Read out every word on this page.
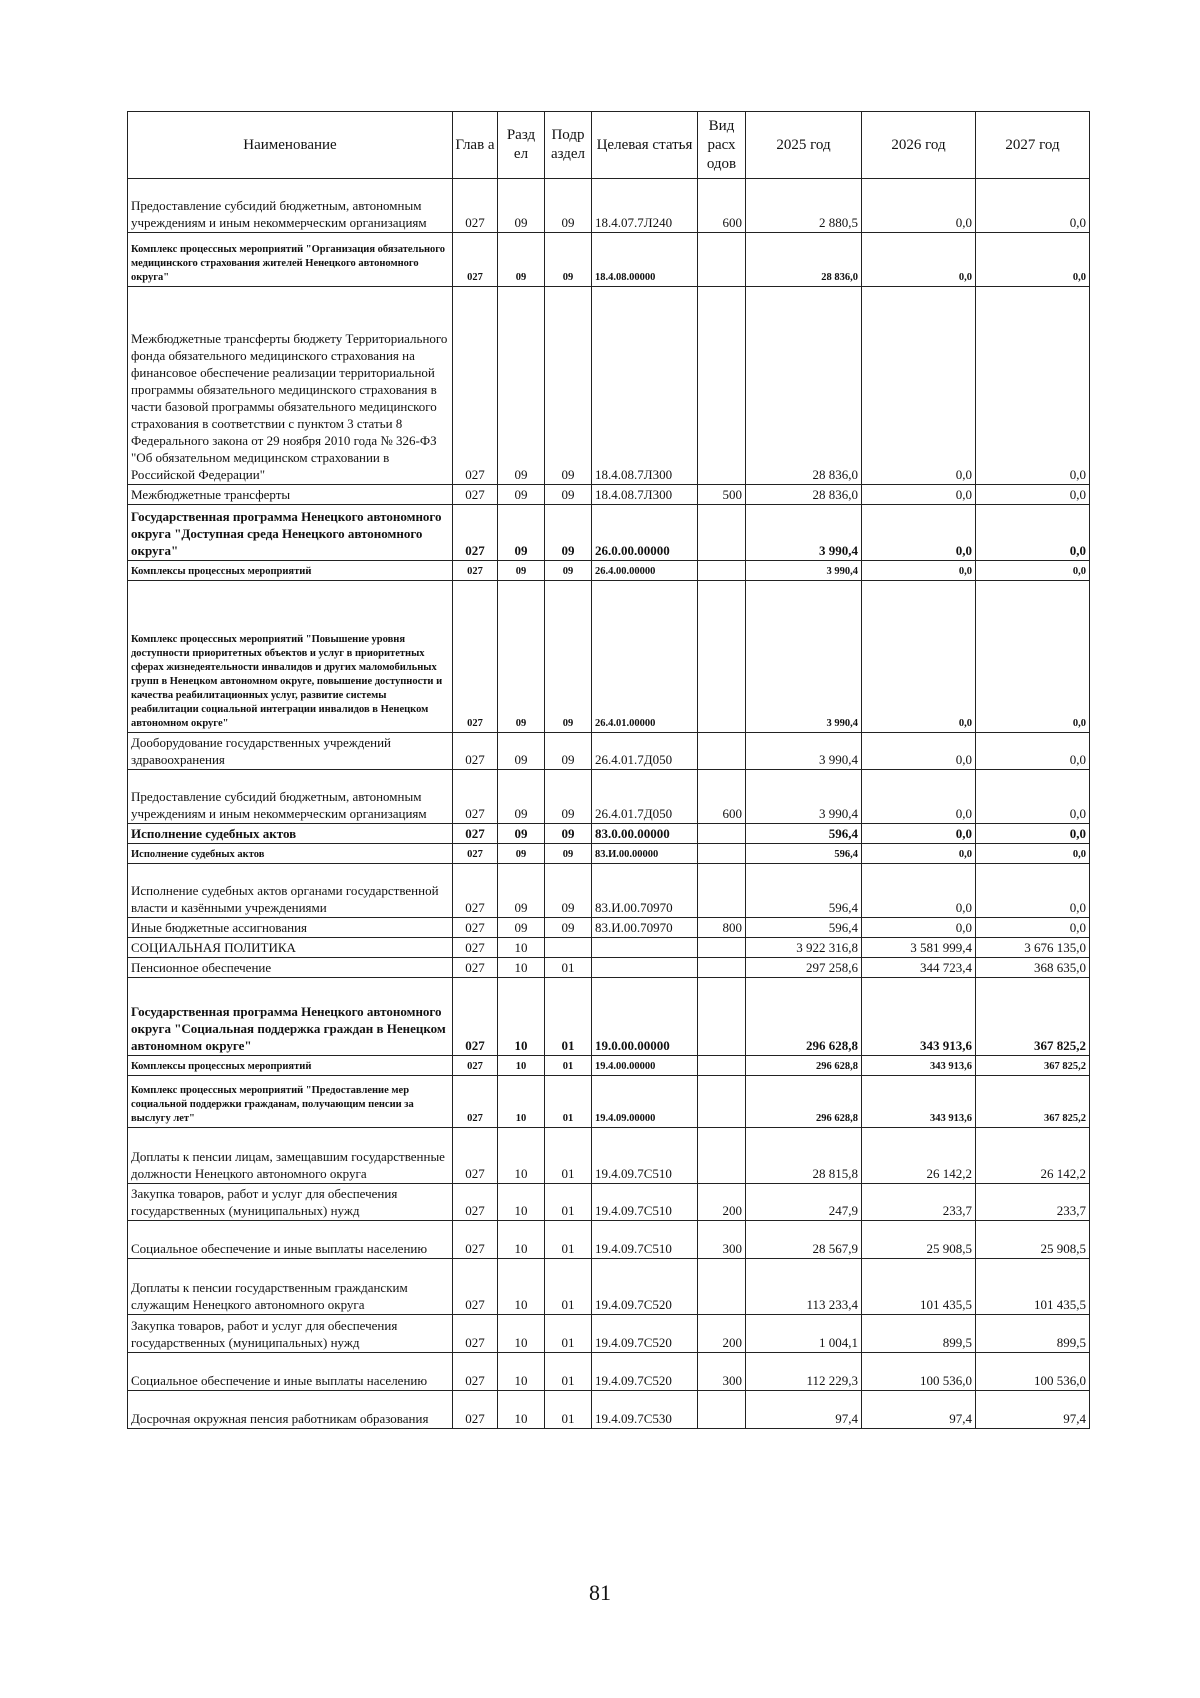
Наименование	Глав а	Разд ел	Подр аздел	Целевая статья	Вид расх одов	2025 год	2026 год	2027 год
Предоставление субсидий бюджетным, автономным учреждениям и иным некоммерческим организациям	027	09	09	18.4.07.7Л240	600	2 880,5	0,0	0,0
Комплекс процессных мероприятий "Организация обязательного медицинского страхования жителей Ненецкого автономного округа"	027	09	09	18.4.08.00000		28 836,0	0,0	0,0
Межбюджетные трансферты бюджету Территориального фонда обязательного медицинского страхования на финансовое обеспечение реализации территориальной программы обязательного медицинского страхования в части базовой программы обязательного медицинского страхования в соответствии с пунктом 3 статьи 8 Федерального закона от 29 ноября 2010 года № 326-ФЗ "Об обязательном медицинском страховании в Российской Федерации"	027	09	09	18.4.08.7Л300		28 836,0	0,0	0,0
Межбюджетные трансферты	027	09	09	18.4.08.7Л300	500	28 836,0	0,0	0,0
Государственная программа Ненецкого автономного округа "Доступная среда Ненецкого автономного округа"	027	09	09	26.0.00.00000		3 990,4	0,0	0,0
Комплексы процессных мероприятий	027	09	09	26.4.00.00000		3 990,4	0,0	0,0
Комплекс процессных мероприятий "Повышение уровня доступности приоритетных объектов и услуг в приоритетных сферах жизнедеятельности инвалидов и других маломобильных групп в Ненецком автономном округе, повышение доступности и качества реабилитационных услуг, развитие системы реабилитации социальной интеграции инвалидов в Ненецком автономном округе"	027	09	09	26.4.01.00000		3 990,4	0,0	0,0
Дооборудование государственных учреждений здравоохранения	027	09	09	26.4.01.7Д050		3 990,4	0,0	0,0
Предоставление субсидий бюджетным, автономным учреждениям и иным некоммерческим организациям	027	09	09	26.4.01.7Д050	600	3 990,4	0,0	0,0
Исполнение судебных актов	027	09	09	83.0.00.00000		596,4	0,0	0,0
Исполнение судебных актов	027	09	09	83.И.00.00000		596,4	0,0	0,0
Исполнение судебных актов органами государственной власти и казёнными учреждениями	027	09	09	83.И.00.70970		596,4	0,0	0,0
Иные бюджетные ассигнования	027	09	09	83.И.00.70970	800	596,4	0,0	0,0
СОЦИАЛЬНАЯ ПОЛИТИКА	027	10				3 922 316,8	3 581 999,4	3 676 135,0
Пенсионное обеспечение	027	10	01			297 258,6	344 723,4	368 635,0
Государственная программа Ненецкого автономного округа "Социальная поддержка граждан в Ненецком автономном округе"	027	10	01	19.0.00.00000		296 628,8	343 913,6	367 825,2
Комплексы процессных мероприятий	027	10	01	19.4.00.00000		296 628,8	343 913,6	367 825,2
Комплекс процессных мероприятий "Предоставление мер социальной поддержки гражданам, получающим пенсии за выслугу лет"	027	10	01	19.4.09.00000		296 628,8	343 913,6	367 825,2
Доплаты к пенсии лицам, замещавшим государственные должности Ненецкого автономного округа	027	10	01	19.4.09.7С510		28 815,8	26 142,2	26 142,2
Закупка товаров, работ и услуг для обеспечения государственных (муниципальных) нужд	027	10	01	19.4.09.7С510	200	247,9	233,7	233,7
Социальное обеспечение и иные выплаты населению	027	10	01	19.4.09.7С510	300	28 567,9	25 908,5	25 908,5
Доплаты к пенсии государственным гражданским служащим Ненецкого автономного округа	027	10	01	19.4.09.7С520		113 233,4	101 435,5	101 435,5
Закупка товаров, работ и услуг для обеспечения государственных (муниципальных) нужд	027	10	01	19.4.09.7С520	200	1 004,1	899,5	899,5
Социальное обеспечение и иные выплаты населению	027	10	01	19.4.09.7С520	300	112 229,3	100 536,0	100 536,0
Досрочная окружная пенсия работникам образования	027	10	01	19.4.09.7С530		97,4	97,4	97,4
81
